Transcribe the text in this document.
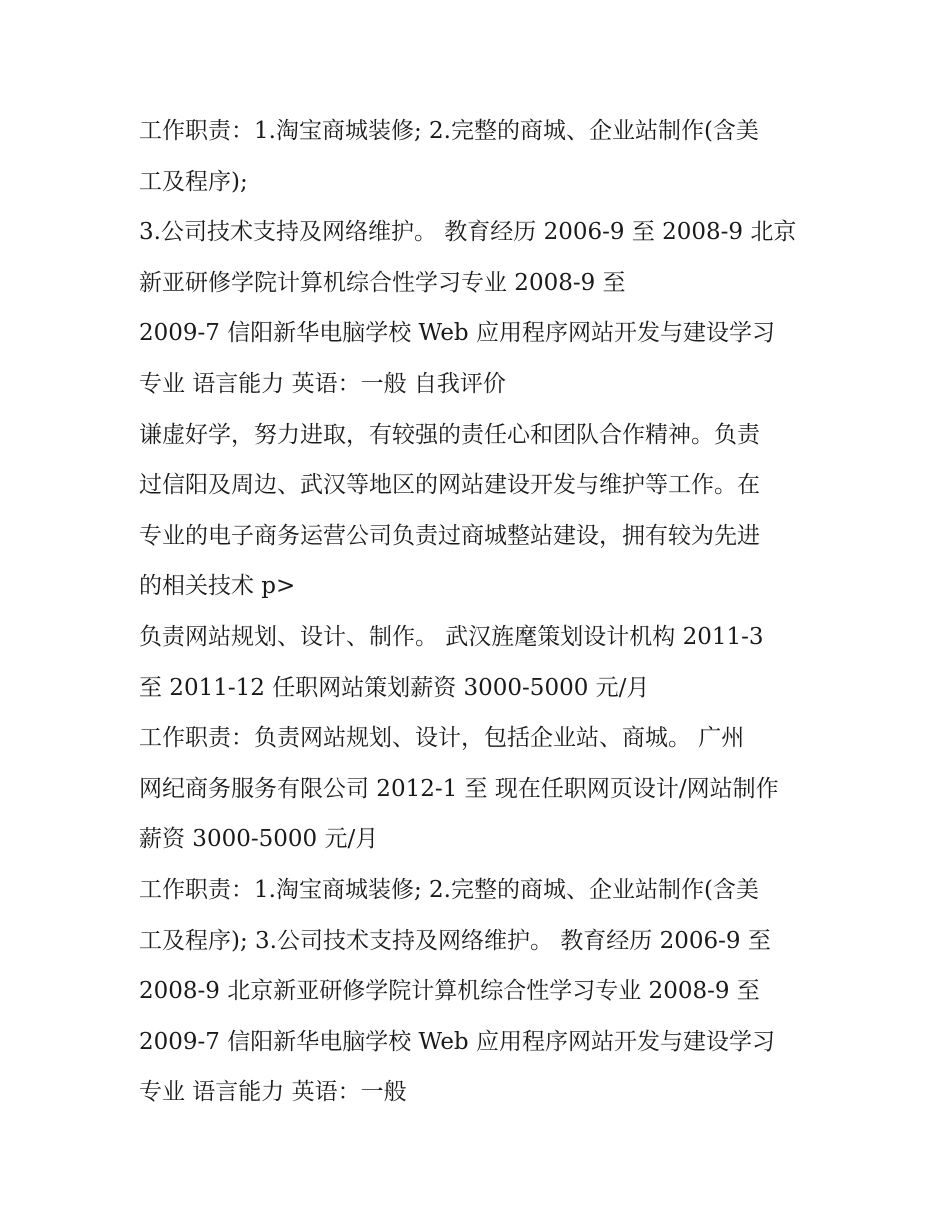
工作职责：1.淘宝商城装修; 2.完整的商城、企业站制作(含美
工及程序);
3.公司技术支持及网络维护。 教育经历 2006-9 至 2008-9 北京
新亚研修学院计算机综合性学习专业 2008-9 至
2009-7 信阳新华电脑学校 Web 应用程序网站开发与建设学习
专业 语言能力 英语：一般 自我评价
谦虚好学，努力进取，有较强的责任心和团队合作精神。负责
过信阳及周边、武汉等地区的网站建设开发与维护等工作。在
专业的电子商务运营公司负责过商城整站建设，拥有较为先进
的相关技术 p>
负责网站规划、设计、制作。 武汉旌麾策划设计机构 2011-3
至 2011-12 任职网站策划薪资 3000-5000 元/月
工作职责：负责网站规划、设计，包括企业站、商城。 广州
网纪商务服务有限公司 2012-1 至 现在任职网页设计/网站制作
薪资 3000-5000 元/月
工作职责：1.淘宝商城装修; 2.完整的商城、企业站制作(含美
工及程序); 3.公司技术支持及网络维护。 教育经历 2006-9 至
2008-9 北京新亚研修学院计算机综合性学习专业 2008-9 至
2009-7 信阳新华电脑学校 Web 应用程序网站开发与建设学习
专业 语言能力 英语：一般
